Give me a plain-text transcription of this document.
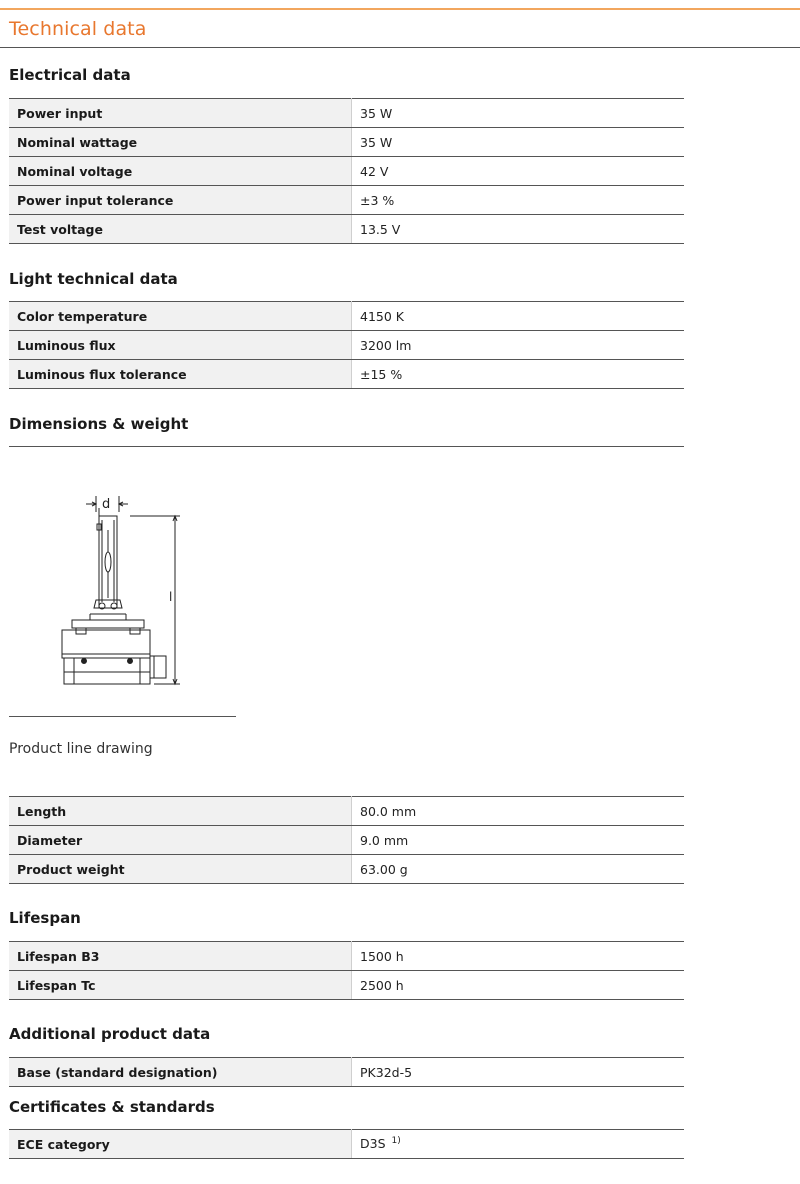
Technical data
Electrical data
Power input	35 W
Nominal wattage	35 W
Nominal voltage	42 V
Power input tolerance	±3 %
Test voltage	13.5 V
Light technical data
Color temperature	4150 K
Luminous flux	3200 lm
Luminous flux tolerance	±15 %
Dimensions & weight
d
l
Product line drawing
Length	80.0 mm
Diameter	9.0 mm
Product weight	63.00 g
Lifespan
Lifespan B3	1500 h
Lifespan Tc	2500 h
Additional product data
Base (standard designation)	PK32d-5
Certificates & standards
ECE category	D3S $^{1)}$
